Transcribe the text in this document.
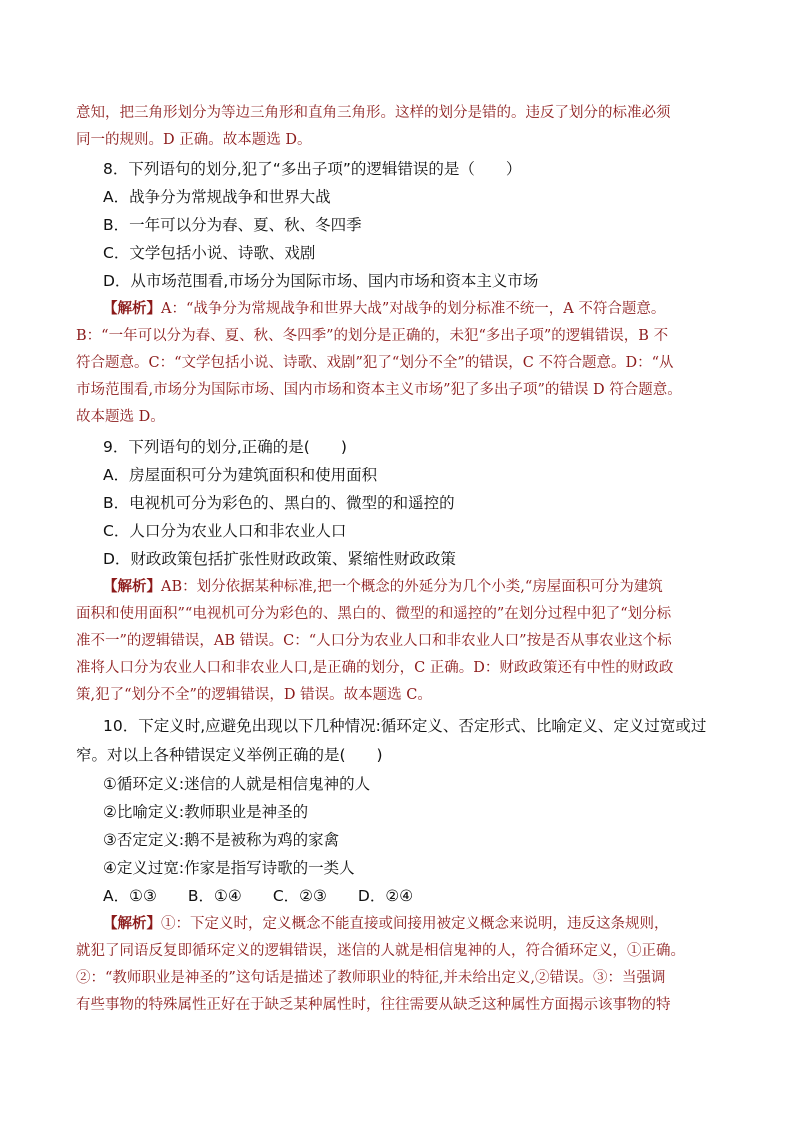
意知，把三角形划分为等边三角形和直角三角形。这样的划分是错的。违反了划分的标准必须
同一的规则。D 正确。故本题选 D。
8．下列语句的划分,犯了“多出子项”的逻辑错误的是（　　）
A．战争分为常规战争和世界大战
B．一年可以分为春、夏、秋、冬四季
C．文学包括小说、诗歌、戏剧
D．从市场范围看,市场分为国际市场、国内市场和资本主义市场
【解析】A：“战争分为常规战争和世界大战”对战争的划分标准不统一，A 不符合题意。
B：“一年可以分为春、夏、秋、冬四季”的划分是正确的，未犯“多出子项”的逻辑错误，B 不
符合题意。C：“文学包括小说、诗歌、戏剧”犯了“划分不全”的错误，C 不符合题意。D：“从
市场范围看,市场分为国际市场、国内市场和资本主义市场”犯了多出子项”的错误 D 符合题意。
故本题选 D。
9．下列语句的划分,正确的是(　　)
A．房屋面积可分为建筑面积和使用面积
B．电视机可分为彩色的、黑白的、微型的和遥控的
C．人口分为农业人口和非农业人口
D．财政政策包括扩张性财政政策、紧缩性财政政策
【解析】AB：划分依据某种标准,把一个概念的外延分为几个小类,“房屋面积可分为建筑
面积和使用面积”“电视机可分为彩色的、黑白的、微型的和遥控的”在划分过程中犯了“划分标
准不一”的逻辑错误，AB 错误。C：“人口分为农业人口和非农业人口”按是否从事农业这个标
准将人口分为农业人口和非农业人口,是正确的划分，C 正确。D：财政政策还有中性的财政政
策,犯了“划分不全”的逻辑错误，D 错误。故本题选 C。
10．下定义时,应避免出现以下几种情况:循环定义、否定形式、比喻定义、定义过宽或过
窄。对以上各种错误定义举例正确的是(　　)
①循环定义:迷信的人就是相信鬼神的人
②比喻定义:教师职业是神圣的
③否定定义:鹅不是被称为鸡的家禽
④定义过宽:作家是指写诗歌的一类人
A．①③　　B．①④　　C．②③　　D．②④
【解析】①：下定义时，定义概念不能直接或间接用被定义概念来说明，违反这条规则，
就犯了同语反复即循环定义的逻辑错误，迷信的人就是相信鬼神的人，符合循环定义，①正确。
②：“教师职业是神圣的”这句话是描述了教师职业的特征,并未给出定义,②错误。③：当强调
有些事物的特殊属性正好在于缺乏某种属性时，往往需要从缺乏这种属性方面揭示该事物的特
